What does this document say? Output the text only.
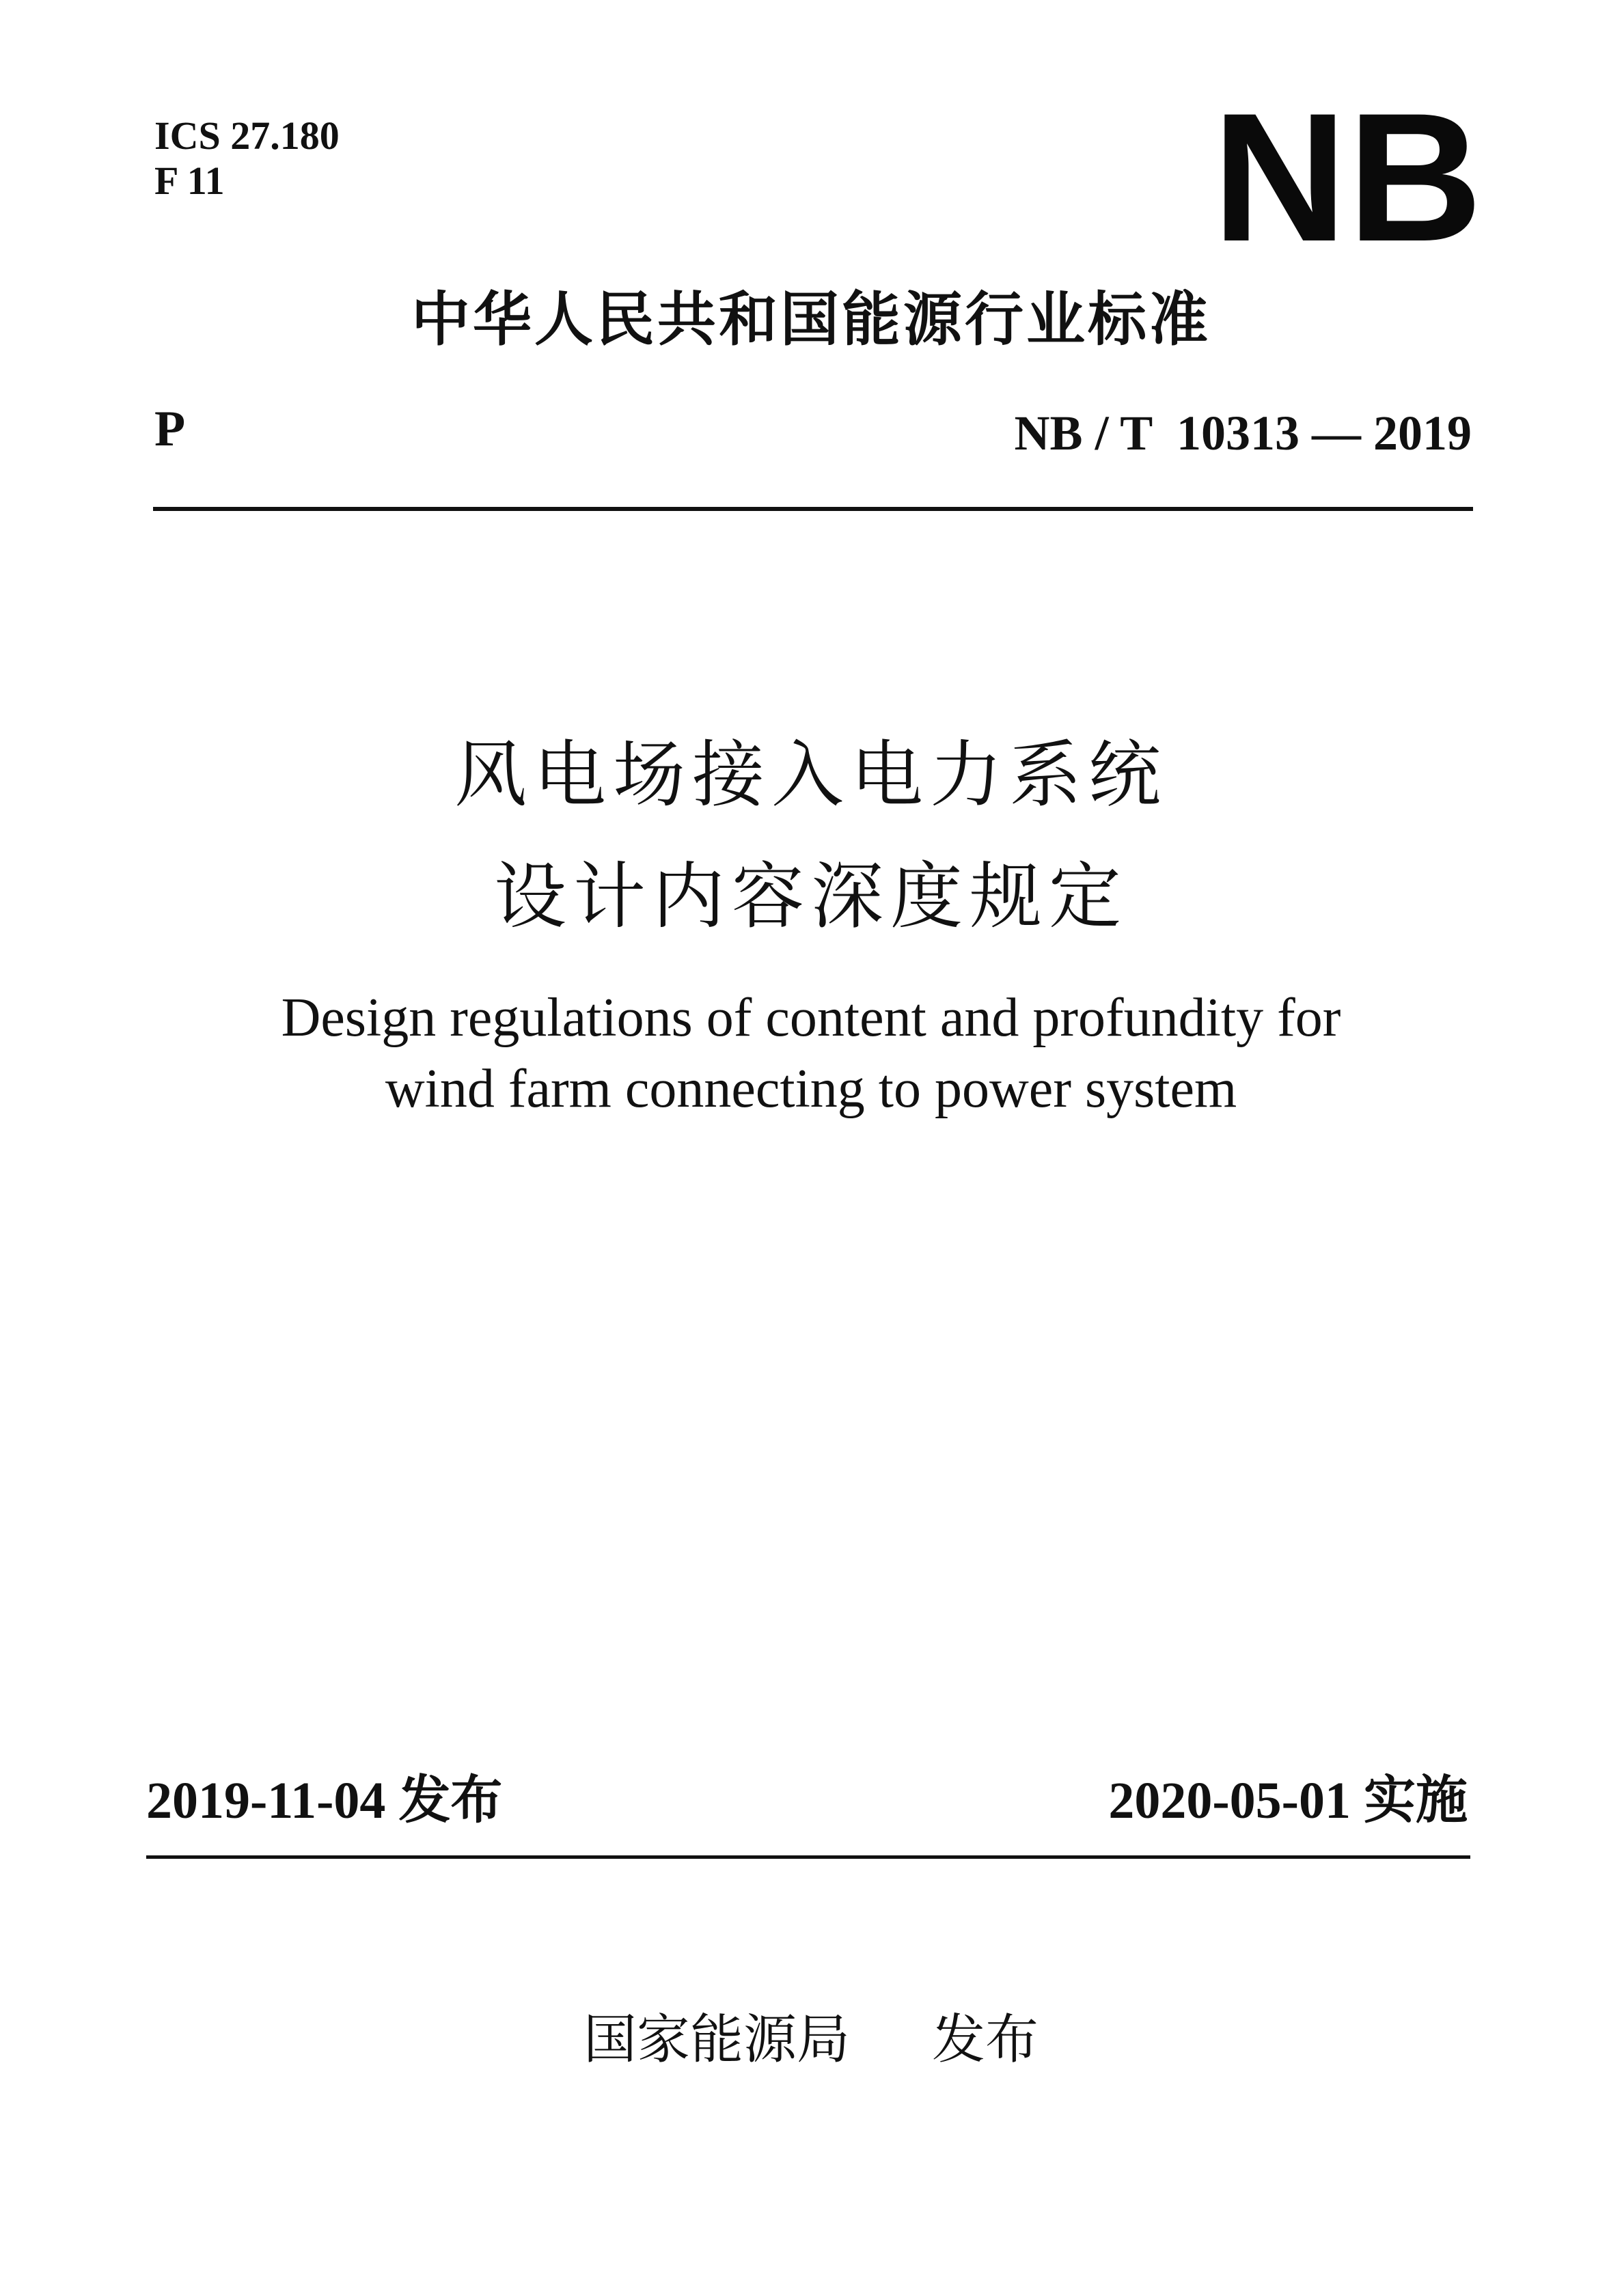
ICS 27.180
F 11	NB
中华人民共和国能源行业标准
P	NB / T  10313 — 2019
风电场接入电力系统
设计内容深度规定
Design regulations of content and profundity for
wind farm connecting to power system
2019-11-04 发布	2020-05-01 实施
国家能源局 发布
